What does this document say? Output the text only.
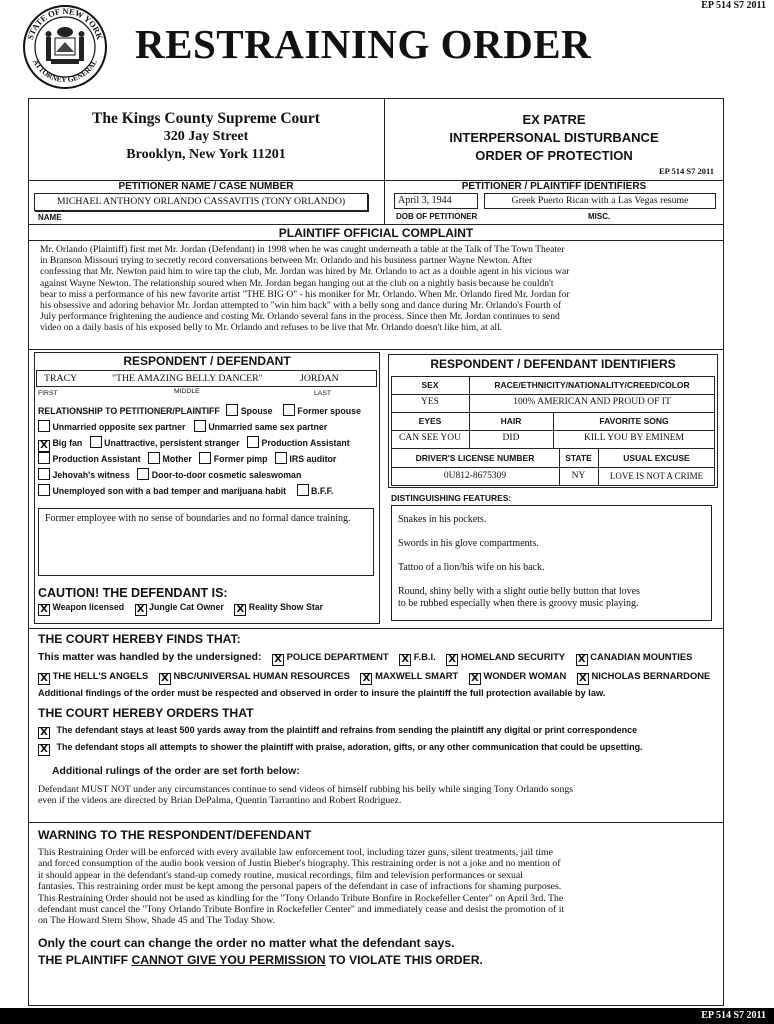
EP 514 S7 2011
STATE OF NEW YORK
ATTORNEY GENERAL RESTRAINING ORDER
The Kings County Supreme Court
320 Jay Street
Brooklyn, New York 11201
EX PATRE
INTERPERSONAL DISTURBANCE
ORDER OF PROTECTION
EP 514 S7 2011
PETITIONER NAME / CASE NUMBER
MICHAEL ANTHONY ORLANDO CASSAVITIS (TONY ORLANDO)
NAME
PETITIONER / PLAINTIFF IDENTIFIERS
April 3, 1944
DOB OF PETITIONER
Greek Puerto Rican with a Las Vegas resume
MISC.
PLAINTIFF OFFICIAL COMPLAINT
Mr. Orlando (Plaintiff) first met Mr. Jordan (Defendant) in 1998 when he was caught underneath a table at the Talk of The Town Theater
in Branson Missouri trying to secretly record conversations between Mr. Orlando and his business partner Wayne Newton. After
confessing that Mr. Newton paid him to wire tap the club, Mr. Jordan was hired by Mr. Orlando to act as a double agent in his vicious war
against Wayne Newton. The relationship soured when Mr. Jordan began hanging out at the club on a nightly basis because he couldn't
bear to miss a performance of his new favorite artist "THE BIG O" - his moniker for Mr. Orlando. When Mr. Orlando fired Mr. Jordan for
his obsessive and adoring behavior Mr. Jordan attempted to "win him back" with a belly song and dance during Mr. Orlando's Fourth of
July performance frightening the audience and costing Mr. Orlando several fans in the process. Since then Mr. Jordan continues to send
video on a daily basis of his exposed belly to Mr. Orlando and refuses to be live that Mr. Orlando doesn't like him, at all.
RESPONDENT / DEFENDANT
TRACY	"THE AMAZING BELLY DANCER"	JORDAN
FIRST	MIDDLE	LAST
RELATIONSHIP TO PETITIONER/PLAINTIFF Spouse	Former spouse
Unmarried opposite sex partner	Unmarried same sex partner
X Big fan Unattractive, persistent stranger Production Assistant
Production Assistant Mother Former pimp IRS auditor
Jehovah's witness Door-to-door cosmetic saleswoman
Unemployed son with a bad temper and marijuana habit	B.F.F.
Former employee with no sense of boundaries and no formal dance training.
CAUTION! THE DEFENDANT IS:
X Weapon licensed X Jungle Cat Owner X Reality Show Star
RESPONDENT / DEFENDANT IDENTIFIERS
SEX	RACE/ETHNICITY/NATIONALITY/CREED/COLOR
YES	100% AMERICAN AND PROUD OF IT
EYES	HAIR	FAVORITE SONG
CAN SEE YOU	DID	KILL YOU BY EMINEM
DRIVER'S LICENSE NUMBER	STATE	USUAL EXCUSE
0U812-8675309	NY	LOVE IS NOT A CRIME
DISTINGUISHING FEATURES:
Snakes in his pockets.
Swords in his glove compartments.
Tattoo of a lion/his wife on his back.
Round, shiny belly with a slight outie belly button that loves
to be rubbed especially when there is groovy music playing.
THE COURT HEREBY FINDS THAT:
This matter was handled by the undersigned: X POLICE DEPARTMENT X F.B.I. X HOMELAND SECURITY X CANADIAN MOUNTIES
X THE HELL'S ANGELS X NBC/UNIVERSAL HUMAN RESOURCES X MAXWELL SMART X WONDER WOMAN X NICHOLAS BERNARDONE
Additional findings of the order must be respected and observed in order to insure the plaintiff the full protection available by law.
THE COURT HEREBY ORDERS THAT
X The defendant stays at least 500 yards away from the plaintiff and refrains from sending the plaintiff any digital or print correspondence
X The defendant stops all attempts to shower the plaintiff with praise, adoration, gifts, or any other communication that could be upsetting.
Additional rulings of the order are set forth below:
Defendant MUST NOT under any circumstances continue to send videos of himself rubbing his belly while singing Tony Orlando songs
even if the videos are directed by Brian DePalma, Quentin Tarrantino and Robert Rodriguez.
WARNING TO THE RESPONDENT/DEFENDANT
This Restraining Order will be enforced with every available law enforcement tool, including tazer guns, silent treatments, jail time
and forced consumption of the audio book version of Justin Bieber's biography. This restraining order is not a joke and no mention of
it should appear in the defendant's stand-up comedy routine, musical recordings, film and television performances or sexual
fantasies. This restraining order must be kept among the personal papers of the defendant in case of infractions for shaming purposes.
This Restraining Order should not be used as kindling for the "Tony Orlando Tribute Bonfire in Rockefeller Center" on April 3rd. The
defendant must cancel the "Tony Orlando Tribute Bonfire in Rockefeller Center" and immediately cease and desist the promotion of it
on The Howard Stern Show, Shade 45 and The Today Show.
Only the court can change the order no matter what the defendant says.
THE PLAINTIFF CANNOT GIVE YOU PERMISSION TO VIOLATE THIS ORDER.
EP 514 S7 2011
